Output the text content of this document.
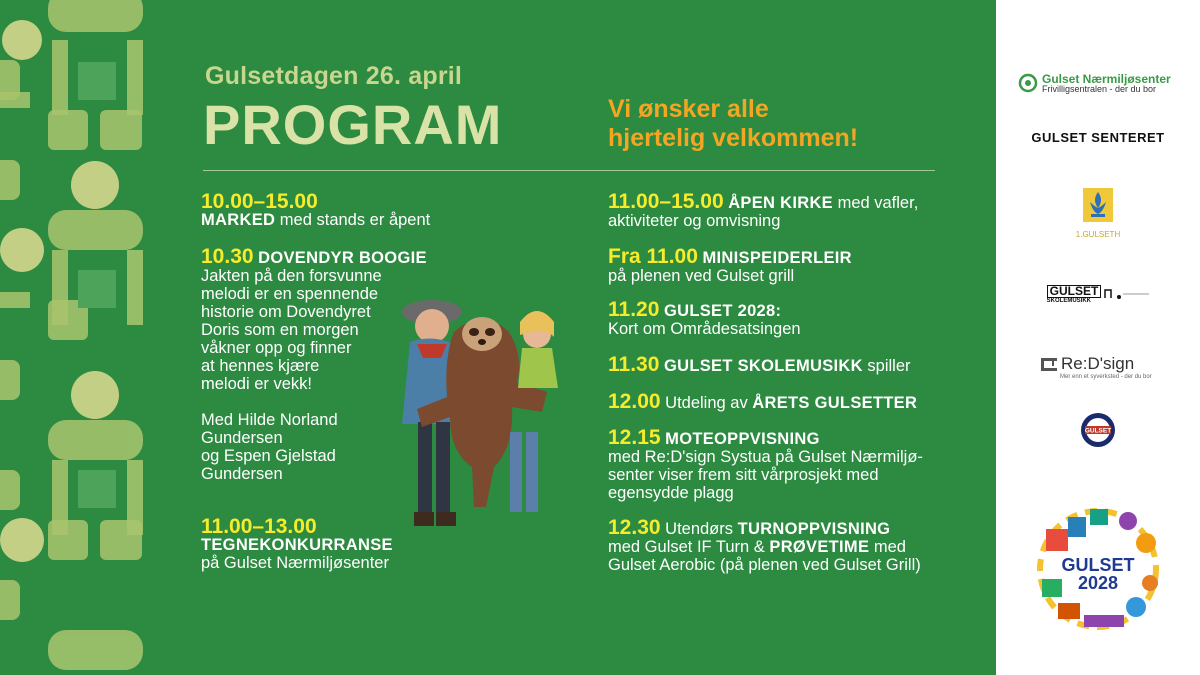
Gulsetdagen 26. april
PROGRAM	Vi ønsker alle
hjertelig velkommen!
10.00–15.00
MARKED med stands er åpent
10.30 DOVENDYR BOOGIE
Jakten på den forsvunne
melodi er en spennende
historie om Dovendyret
Doris som en morgen
våkner opp og finner
at hennes kjære
melodi er vekk!
Med Hilde Norland
Gundersen
og Espen Gjelstad
Gundersen
11.00–13.00
TEGNEKONKURRANSE
på Gulset Nærmiljøsenter
11.00–15.00 ÅPEN KIRKE med vafler,
aktiviteter og omvisning
Fra 11.00 MINISPEIDERLEIR
på plenen ved Gulset grill
11.20 GULSET 2028:
Kort om Områdesatsingen
11.30 GULSET SKOLEMUSIKK spiller
12.00 Utdeling av ÅRETS GULSETTER
12.15 MOTEOPPVISNING
med Re:D'sign Systua på Gulset Nærmiljø-
senter viser frem sitt vårprosjekt med
egensydde plagg
12.30 Utendørs TURNOPPVISNING
med Gulset IF Turn & PRØVETIME med
Gulset Aerobic (på plenen ved Gulset Grill)
Gulset Nærmiljøsenter
Frivilligsentralen - der du bor
GULSET SENTERET
1.GULSETH
GULSET
SKOLEMUSIKK
Re:D'sign
Mer enn et syverksted - der du bor
GULSET
GULSET
2028
